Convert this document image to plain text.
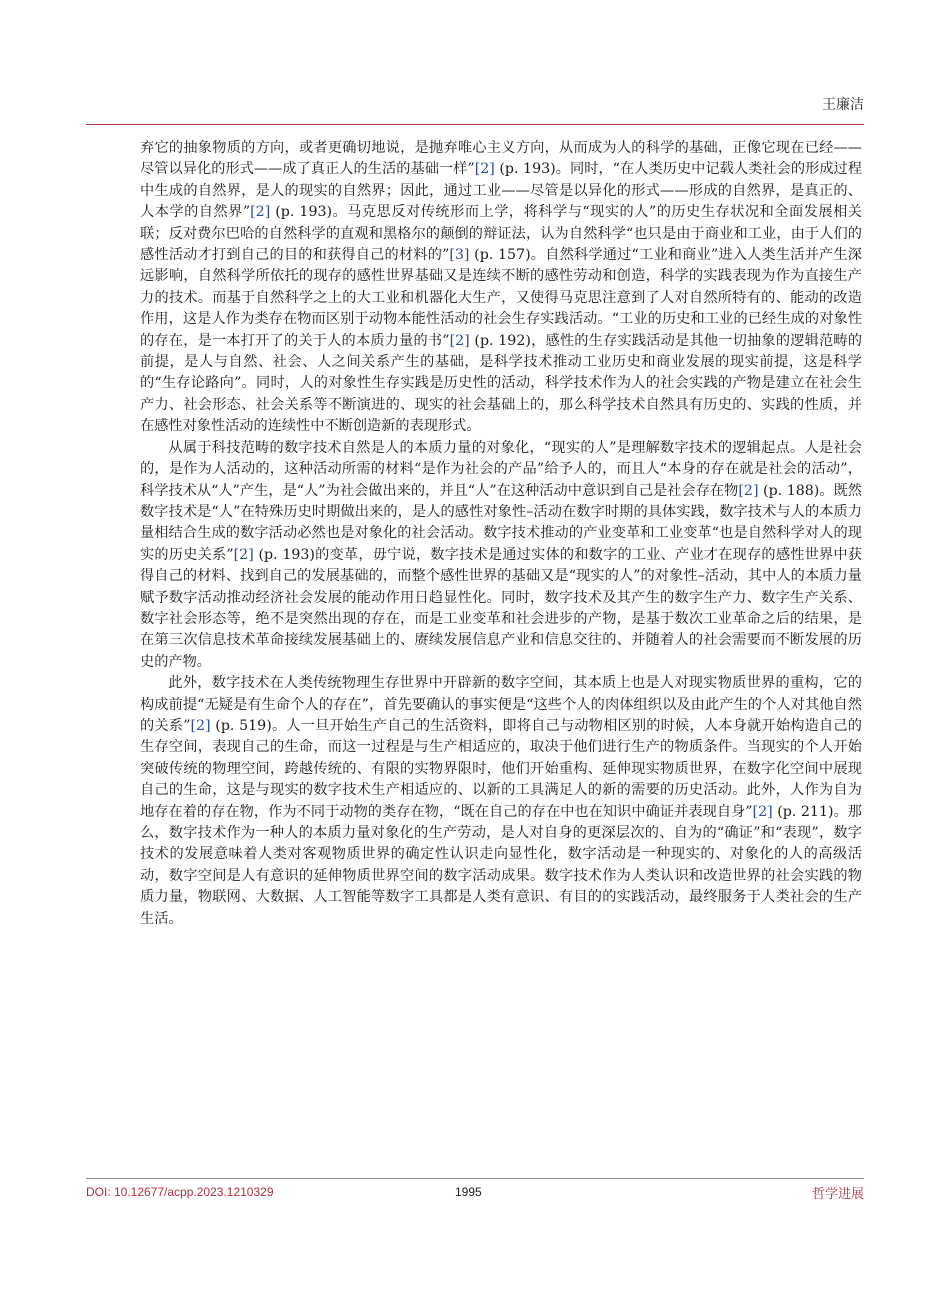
王廉洁

弃它的抽象物质的方向，或者更确切地说，是抛弃唯心主义方向，从而成为人的科学的基础，正像它现在已经——尽管以异化的形式——成了真正人的生活的基础一样”[2] (p. 193)。同时，“在人类历史中记载人类社会的形成过程中生成的自然界，是人的现实的自然界；因此，通过工业——尽管是以异化的形式——形成的自然界，是真正的、人本学的自然界”[2] (p. 193)。马克思反对传统形而上学，将科学与“现实的人”的历史生存状况和全面发展相关联；反对费尔巴哈的自然科学的直观和黑格尔的颠倒的辩证法，认为自然科学“也只是由于商业和工业，由于人们的感性活动才打到自己的目的和获得自己的材料的”[3] (p. 157)。自然科学通过“工业和商业”进入人类生活并产生深远影响，自然科学所依托的现存的感性世界基础又是连续不断的感性劳动和创造，科学的实践表现为作为直接生产力的技术。而基于自然科学之上的大工业和机器化大生产，又使得马克思注意到了人对自然所特有的、能动的改造作用，这是人作为类存在物而区别于动物本能性活动的社会生存实践活动。“工业的历史和工业的已经生成的对象性的存在，是一本打开了的关于人的本质力量的书”[2] (p. 192)，感性的生存实践活动是其他一切抽象的逻辑范畴的前提，是人与自然、社会、人之间关系产生的基础，是科学技术推动工业历史和商业发展的现实前提，这是科学的“生存论路向”。同时，人的对象性生存实践是历史性的活动，科学技术作为人的社会实践的产物是建立在社会生产力、社会形态、社会关系等不断演进的、现实的社会基础上的，那么科学技术自然具有历史的、实践的性质，并在感性对象性活动的连续性中不断创造新的表现形式。

从属于科技范畴的数字技术自然是人的本质力量的对象化，“现实的人”是理解数字技术的逻辑起点。人是社会的，是作为人活动的，这种活动所需的材料“是作为社会的产品”给予人的，而且人“本身的存在就是社会的活动”，科学技术从“人”产生，是“人”为社会做出来的，并且“人”在这种活动中意识到自己是社会存在物[2] (p. 188)。既然数字技术是“人”在特殊历史时期做出来的，是人的感性对象性–活动在数字时期的具体实践，数字技术与人的本质力量相结合生成的数字活动必然也是对象化的社会活动。数字技术推动的产业变革和工业变革“也是自然科学对人的现实的历史关系”[2] (p. 193)的变革，毋宁说，数字技术是通过实体的和数字的工业、产业才在现存的感性世界中获得自己的材料、找到自己的发展基础的，而整个感性世界的基础又是“现实的人”的对象性–活动，其中人的本质力量赋予数字活动推动经济社会发展的能动作用日趋显性化。同时，数字技术及其产生的数字生产力、数字生产关系、数字社会形态等，绝不是突然出现的存在，而是工业变革和社会进步的产物，是基于数次工业革命之后的结果，是在第三次信息技术革命接续发展基础上的、赓续发展信息产业和信息交往的、并随着人的社会需要而不断发展的历史的产物。

此外，数字技术在人类传统物理生存世界中开辟新的数字空间，其本质上也是人对现实物质世界的重构，它的构成前提“无疑是有生命个人的存在”，首先要确认的事实便是“这些个人的肉体组织以及由此产生的个人对其他自然的关系”[2] (p. 519)。人一旦开始生产自己的生活资料，即将自己与动物相区别的时候，人本身就开始构造自己的生存空间，表现自己的生命，而这一过程是与生产相适应的，取决于他们进行生产的物质条件。当现实的个人开始突破传统的物理空间，跨越传统的、有限的实物界限时，他们开始重构、延伸现实物质世界，在数字化空间中展现自己的生命，这是与现实的数字技术生产相适应的、以新的工具满足人的新的需要的历史活动。此外，人作为自为地存在着的存在物，作为不同于动物的类存在物，“既在自己的存在中也在知识中确证并表现自身”[2] (p. 211)。那么，数字技术作为一种人的本质力量对象化的生产劳动，是人对自身的更深层次的、自为的“确证”和“表现”，数字技术的发展意味着人类对客观物质世界的确定性认识走向显性化，数字活动是一种现实的、对象化的人的高级活动，数字空间是人有意识的延伸物质世界空间的数字活动成果。数字技术作为人类认识和改造世界的社会实践的物质力量，物联网、大数据、人工智能等数字工具都是人类有意识、有目的的实践活动，最终服务于人类社会的生产生活。

DOI: 10.12677/acpp.2023.1210329	1995	哲学进展
